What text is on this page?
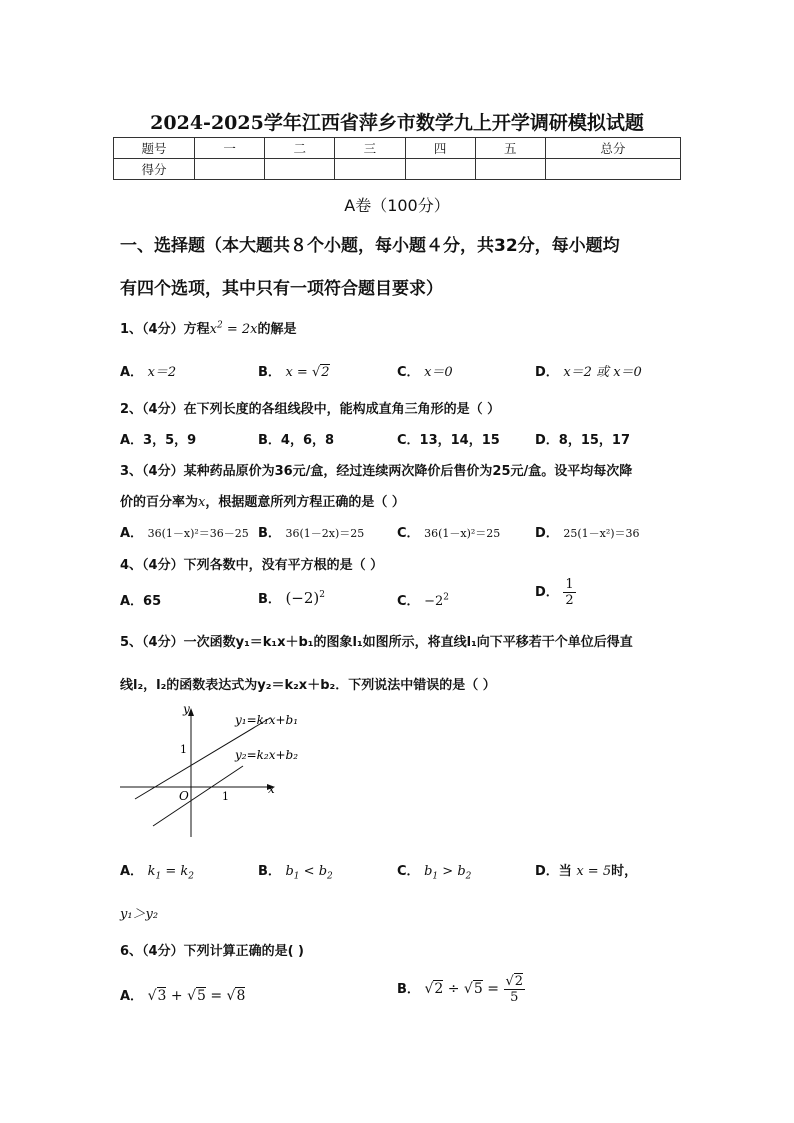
2024-2025学年江西省萍乡市数学九上开学调研模拟试题
题号	一	二	三	四	五	总分
得分						
A卷（100分）
一、选择题（本大题共８个小题，每小题４分，共32分，每小题均
有四个选项，其中只有一项符合题目要求）
1、（4分）方程$x^2 = 2x$的解是
A． x＝2	B． x = √2	C． x＝0	D． x＝2 或 x＝0
2、（4分）在下列长度的各组线段中，能构成直角三角形的是（ ）
A．3，5，9	B．4，6，8	C．13，14，15	D．8，15，17
3、（4分）某种药品原价为36元/盒，经过连续两次降价后售价为25元/盒。设平均每次降
价的百分率为x，根据题意所列方程正确的是（ ）
A． 36(1－x)²＝36－25 B． 36(1－2x)＝25	C． 36(1－x)²＝25	D． 25(1－x²)＝36
4、（4分）下列各数中，没有平方根的是（ ）
A．65	B． $(-2)^2$	C． $-2^2$	D． $\frac{1}{2}$
5、（4分）一次函数y₁＝k₁x＋b₁的图象l₁如图所示，将直线l₁向下平移若干个单位后得直
线l₂，l₂的函数表达式为y₂＝k₂x＋b₂．下列说法中错误的是（ ）
y
x
O	1
1
y₁=k₁x+b₁
y₂=k₂x+b₂
A． $k_1 = k_2$	B． $b_1 < b_2$	C． $b_1 > b_2$	D．当 x = 5时，
y₁＞y₂
6、（4分）下列计算正确的是( )
A． √3 + √5 = √8	B． $√2 \div √5 = \frac{√2}{5}$
